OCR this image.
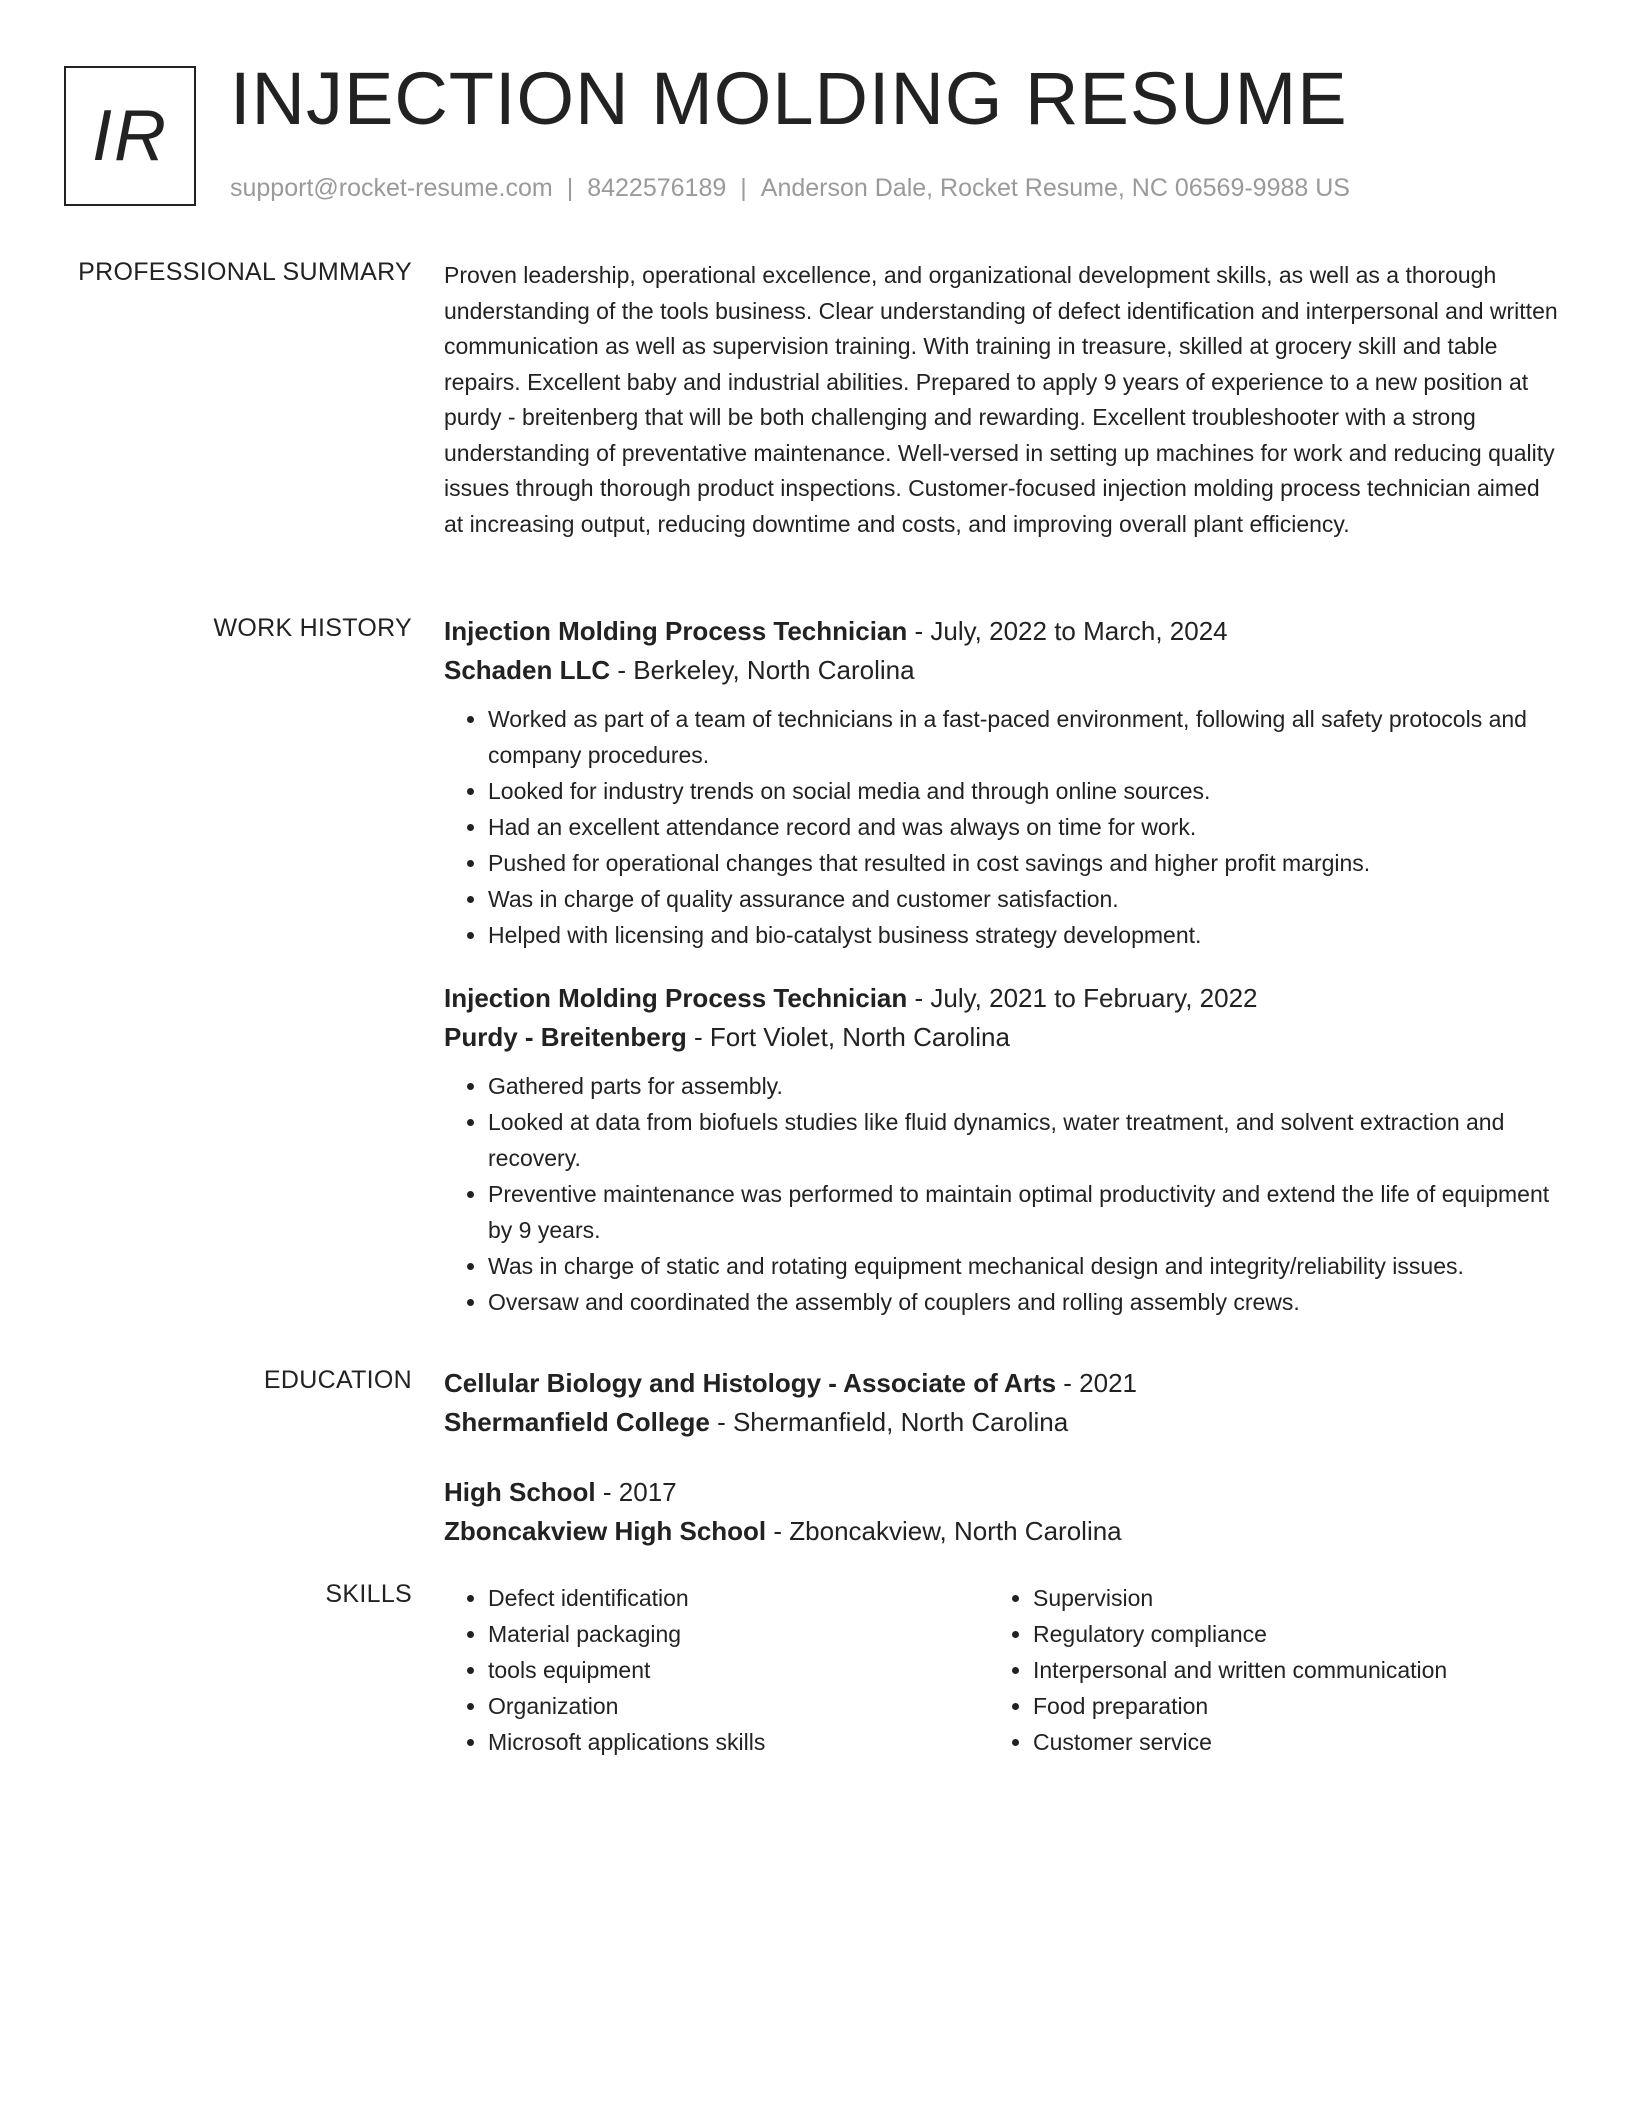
IR INJECTION MOLDING RESUME
support@rocket-resume.com | 8422576189 | Anderson Dale, Rocket Resume, NC 06569-9988 US
PROFESSIONAL SUMMARY Proven leadership, operational excellence, and organizational development skills, as well as a thorough understanding of the tools business. Clear understanding of defect identification and interpersonal and written communication as well as supervision training. With training in treasure, skilled at grocery skill and table repairs. Excellent baby and industrial abilities. Prepared to apply 9 years of experience to a new position at purdy - breitenberg that will be both challenging and rewarding. Excellent troubleshooter with a strong understanding of preventative maintenance. Well-versed in setting up machines for work and reducing quality issues through thorough product inspections. Customer-focused injection molding process technician aimed at increasing output, reducing downtime and costs, and improving overall plant efficiency.

WORK HISTORY Injection Molding Process Technician - July, 2022 to March, 2024
Schaden LLC - Berkeley, North Carolina
• Worked as part of a team of technicians in a fast-paced environment, following all safety protocols and company procedures.
• Looked for industry trends on social media and through online sources.
• Had an excellent attendance record and was always on time for work.
• Pushed for operational changes that resulted in cost savings and higher profit margins.
• Was in charge of quality assurance and customer satisfaction.
• Helped with licensing and bio-catalyst business strategy development.
Injection Molding Process Technician - July, 2021 to February, 2022
Purdy - Breitenberg - Fort Violet, North Carolina
• Gathered parts for assembly.
• Looked at data from biofuels studies like fluid dynamics, water treatment, and solvent extraction and recovery.
• Preventive maintenance was performed to maintain optimal productivity and extend the life of equipment by 9 years.
• Was in charge of static and rotating equipment mechanical design and integrity/reliability issues.
• Oversaw and coordinated the assembly of couplers and rolling assembly crews.
EDUCATION Cellular Biology and Histology - Associate of Arts - 2021
Shermanfield College - Shermanfield, North Carolina
High School - 2017
Zboncakview High School - Zboncakview, North Carolina
SKILLS
•	Defect identification
• Material packaging
• tools equipment
• Organization
• Microsoft applications skills
• Supervision
• Regulatory compliance
• Interpersonal and written communication
• Food preparation
• Customer service
